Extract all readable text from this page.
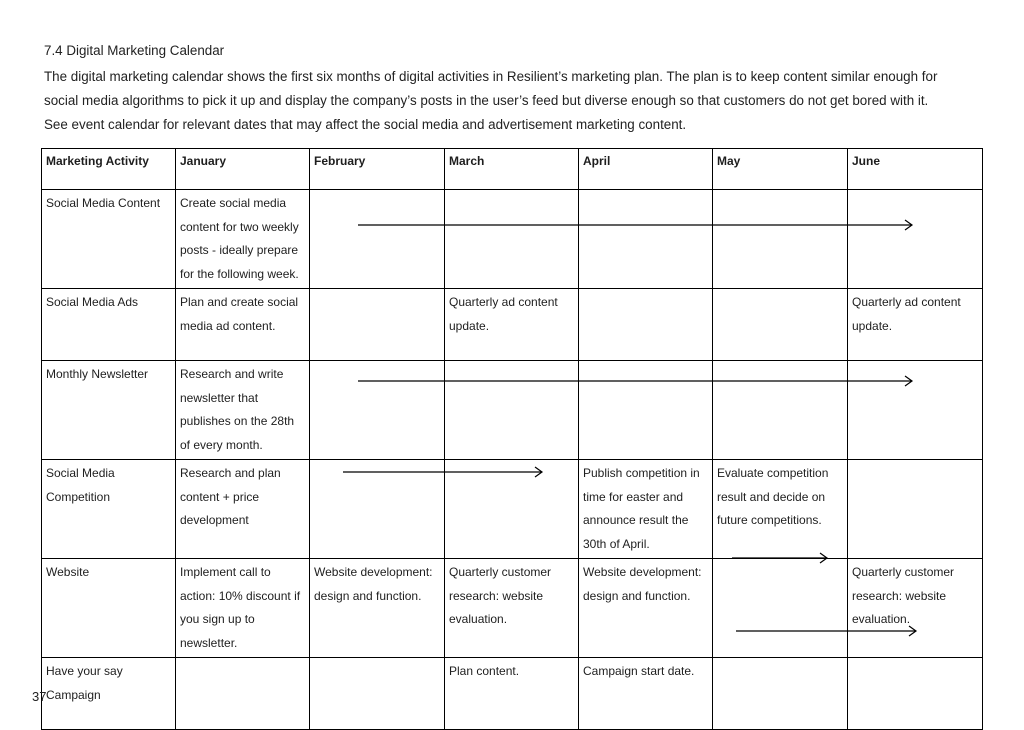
7.4 Digital Marketing Calendar
The digital marketing calendar shows the first six months of digital activities in Resilient’s marketing plan. The plan is to keep content similar enough for
social media algorithms to pick it up and display the company’s posts in the user’s feed but diverse enough so that customers do not get bored with it.
See event calendar for relevant dates that may affect the social media and advertisement marketing content.
Marketing Activity	January	February	March	April	May	June
Social Media Content	Create social media content for two weekly posts - ideally prepare for the following week.					
Social Media Ads	Plan and create social media ad content.		Quarterly ad content update.			Quarterly ad content update.
Monthly Newsletter	Research and write newsletter that publishes on the 28th of every month.					
Social Media Competition	Research and plan content + price development			Publish competition in time for easter and announce result the 30th of April.	Evaluate competition result and decide on future competitions.	
Website	Implement call to action: 10% discount if you sign up to newsletter.	Website development: design and function.	Quarterly customer research: website evaluation.	Website development: design and function.		Quarterly customer research: website evaluation.
Have your say Campaign			Plan content.	Campaign start date.		
37
